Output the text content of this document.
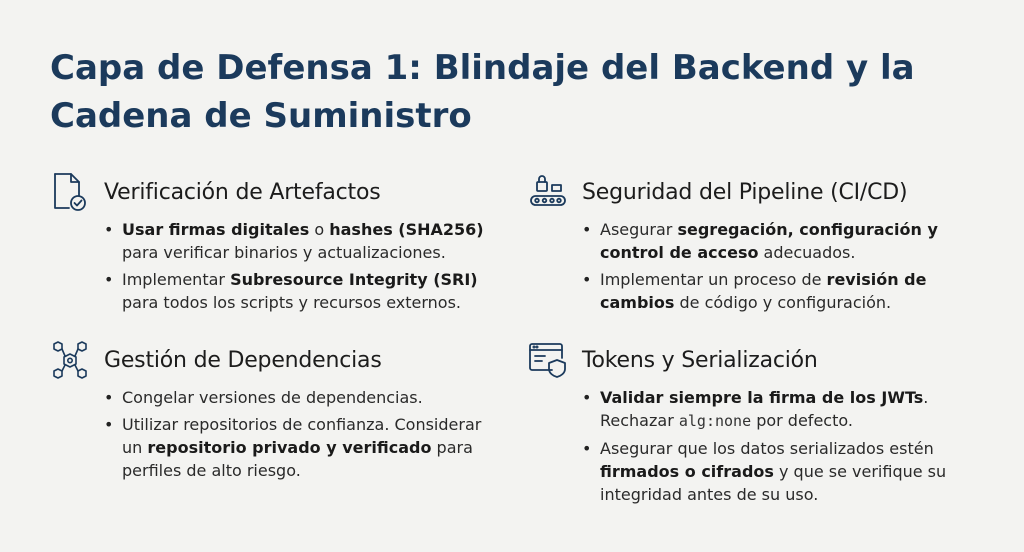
Capa de Defensa 1: Blindaje del Backend y la Cadena de Suministro
Verificación de Artefactos
• Usar firmas digitales o hashes (SHA256) para verificar binarios y actualizaciones.
• Implementar Subresource Integrity (SRI) para todos los scripts y recursos externos.
Seguridad del Pipeline (CI/CD)
• Asegurar segregación, configuración y control de acceso adecuados.
• Implementar un proceso de revisión de cambios de código y configuración.
Gestión de Dependencias
• Congelar versiones de dependencias.
• Utilizar repositorios de confianza. Considerar un repositorio privado y verificado para perfiles de alto riesgo.
Tokens y Serialización
• Validar siempre la firma de los JWTs. Rechazar alg:none por defecto.
• Asegurar que los datos serializados estén firmados o cifrados y que se verifique su integridad antes de su uso.
